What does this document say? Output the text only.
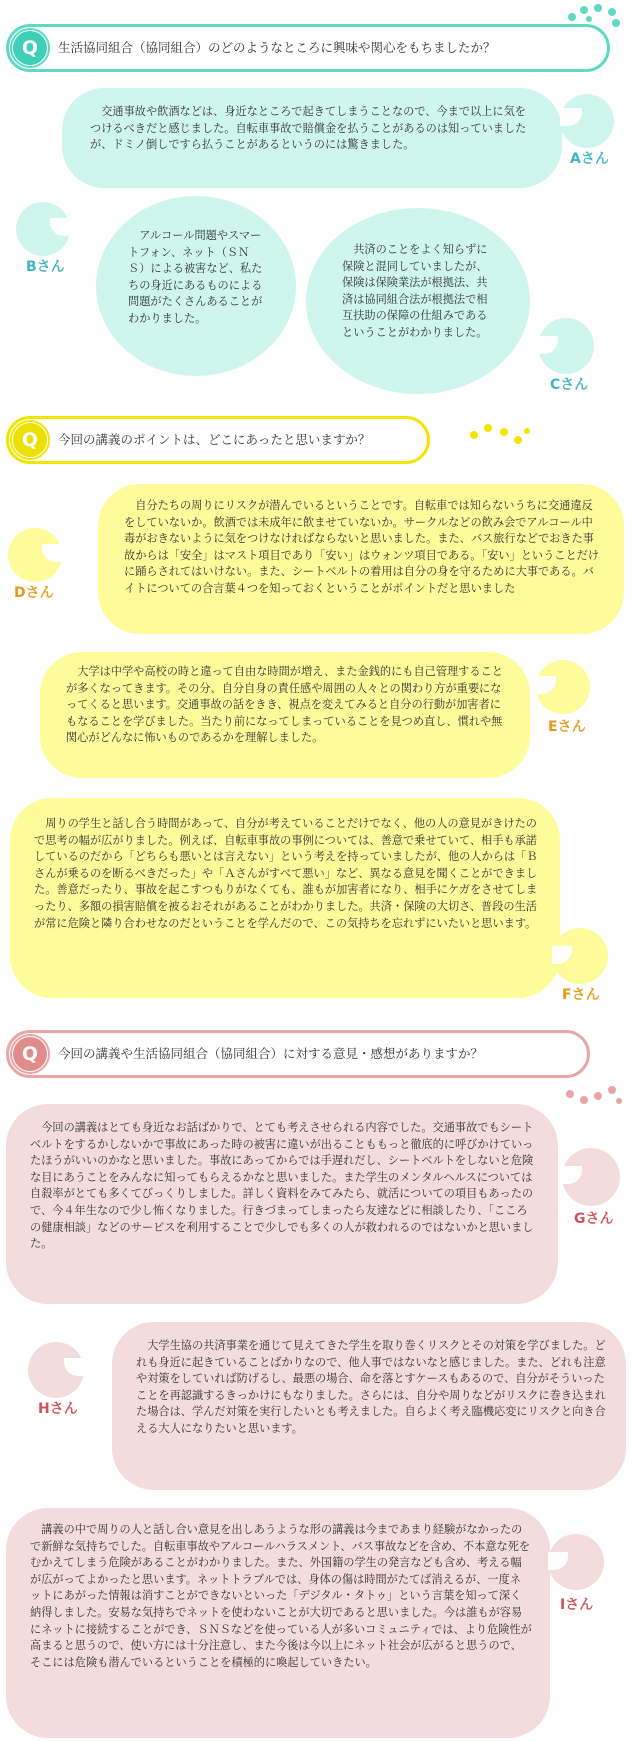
Q	生活協同組合（協同組合）のどのようなところに興味や関心をもちましたか？
交通事故や飲酒などは、身近なところで起きてしまうことなので、今まで以上に気をつけるべきだと感じました。自転車事故で賠償金を払うことがあるのは知っていましたが、ドミノ倒しですら払うことがあるというのには驚きました。
Aさん
Bさん
アルコール問題やスマートフォン、ネット（ＳＮＳ）による被害など、私たちの身近にあるものによる問題がたくさんあることがわかりました。
共済のことをよく知らずに保険と混同していましたが、保険は保険業法が根拠法、共済は協同組合法が根拠法で相互扶助の保障の仕組みであるということがわかりました。
Cさん
Q	今回の講義のポイントは、どこにあったと思いますか？
Dさん
自分たちの周りにリスクが潜んでいるということです。自転車では知らないうちに交通違反をしていないか。飲酒では未成年に飲ませていないか。サークルなどの飲み会でアルコール中毒がおきないように気をつけなければならないと思いました。また、バス旅行などでおきた事故からは「安全」はマスト項目であり「安い」はウォンツ項目である。「安い」ということだけに踊らされてはいけない。また、シートベルトの着用は自分の身を守るために大事である。バイトについての合言葉４つを知っておくということがポイントだと思いました
大学は中学や高校の時と違って自由な時間が増え、また金銭的にも自己管理することが多くなってきます。その分、自分自身の責任感や周囲の人々との関わり方が重要になってくると思います。交通事故の話をきき、視点を変えてみると自分の行動が加害者にもなることを学びました。当たり前になってしまっていることを見つめ直し、慣れや無関心がどんなに怖いものであるかを理解しました。
Eさん
周りの学生と話し合う時間があって、自分が考えていることだけでなく、他の人の意見がきけたので思考の幅が広がりました。例えば、自転車事故の事例については、善意で乗せていて、相手も承諾しているのだから「どちらも悪いとは言えない」という考えを持っていましたが、他の人からは「Ｂさんが乗るのを断るべきだった」や「Ａさんがすべて悪い」など、異なる意見を聞くことができました。善意だったり、事故を起こすつもりがなくても、誰もが加害者になり、相手にケガをさせてしまったり、多額の損害賠償を被るおそれがあることがわかりました。共済・保険の大切さ、普段の生活が常に危険と隣り合わせなのだということを学んだので、この気持ちを忘れずにいたいと思います。
Fさん
Q	今回の講義や生活協同組合（協同組合）に対する意見・感想がありますか？
今回の講義はとても身近なお話ばかりで、とても考えさせられる内容でした。交通事故でもシートベルトをするかしないかで事故にあった時の被害に違いが出ることももっと徹底的に呼びかけていったほうがいいのかなと思いました。事故にあってからでは手遅れだし、シートベルトをしないと危険な目にあうことをみんなに知ってもらえるかなと思いました。また学生のメンタルヘルスについては自殺率がとても多くてびっくりしました。詳しく資料をみてみたら、就活についての項目もあったので、今４年生なので少し怖くなりました。行きづまってしまったら友達などに相談したり、「こころの健康相談」などのサービスを利用することで少しでも多くの人が救われるのではないかと思いました。
Gさん
Hさん
大学生協の共済事業を通じて見えてきた学生を取り巻くリスクとその対策を学びました。どれも身近に起きていることばかりなので、他人事ではないなと感じました。また、どれも注意や対策をしていれば防げるし、最悪の場合、命を落とすケースもあるので、自分がそういったことを再認識するきっかけにもなりました。さらには、自分や周りなどがリスクに巻き込まれた場合は、学んだ対策を実行したいとも考えました。自らよく考え臨機応変にリスクと向き合える大人になりたいと思います。
講義の中で周りの人と話し合い意見を出しあうような形の講義は今まであまり経験がなかったので新鮮な気持ちでした。自転車事故やアルコールハラスメント、バス事故などを含め、不本意な死をむかえてしまう危険があることがわかりました。また、外国籍の学生の発言なども含め、考える幅が広がってよかったと思います。ネットトラブルでは、身体の傷は時間がたてば消えるが、一度ネットにあがった情報は消すことができないといった「デジタル・タトゥ」という言葉を知って深く納得しました。安易な気持ちでネットを使わないことが大切であると思いました。今は誰もが容易にネットに接続することができ、ＳＮＳなどを使っている人が多いコミュニティでは、より危険性が高まると思うので、使い方には十分注意し、また今後は今以上にネット社会が広がると思うので、そこには危険も潜んでいるということを積極的に喚起していきたい。
Iさん
